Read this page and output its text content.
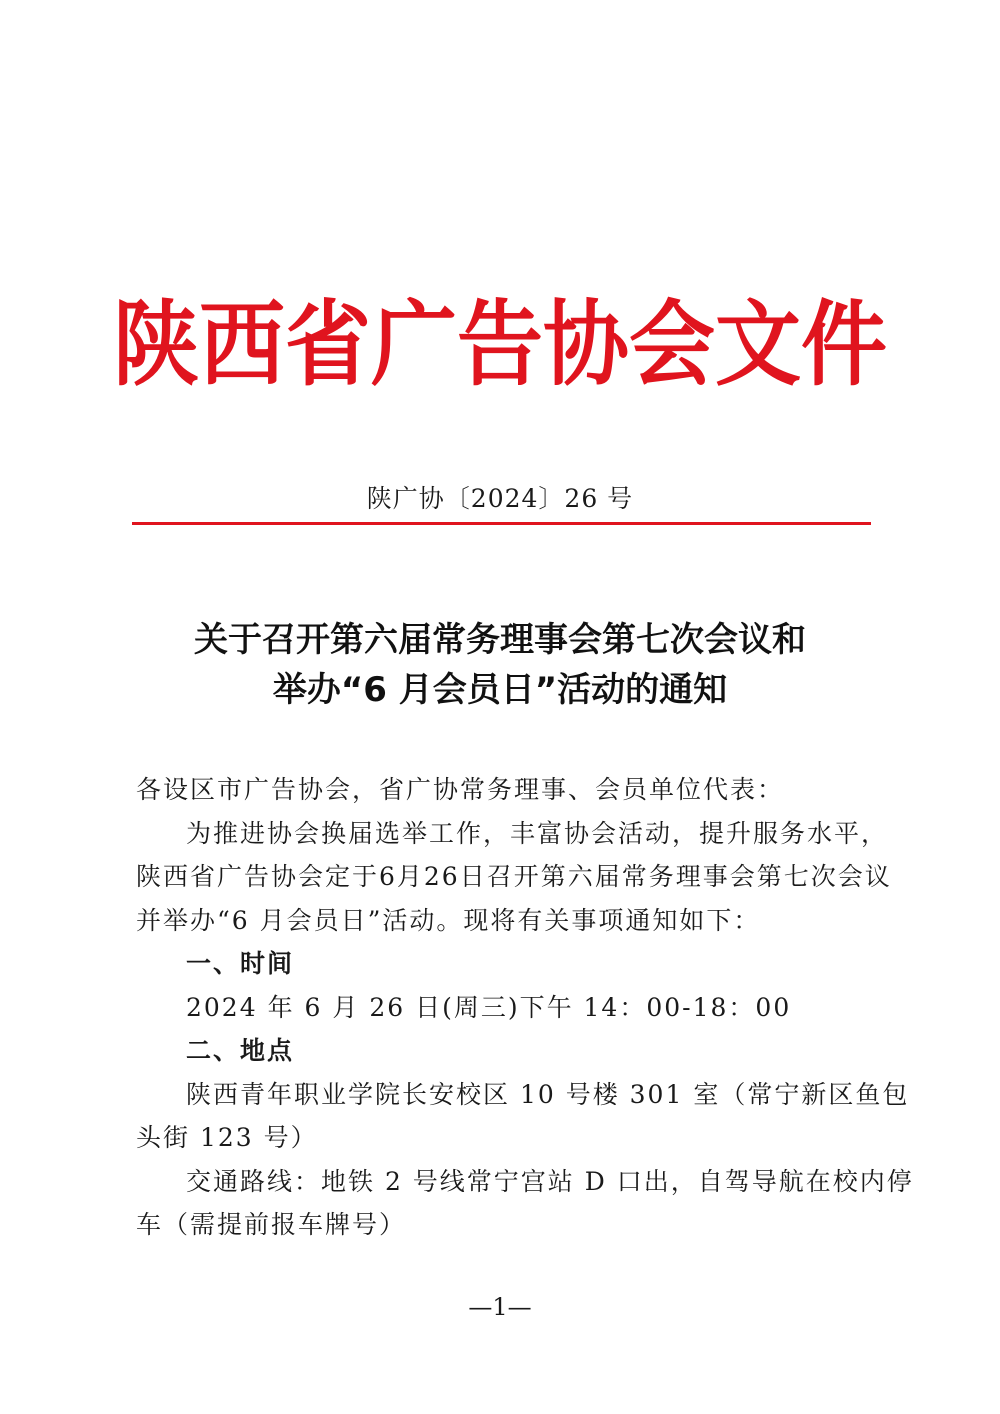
陕西省广告协会文件
陕广协〔2024〕26 号
关于召开第六届常务理事会第七次会议和
举办“6 月会员日”活动的通知

各设区市广告协会，省广协常务理事、会员单位代表：

为推进协会换届选举工作，丰富协会活动，提升服务水平，

陕西省广告协会定于6月26日召开第六届常务理事会第七次会议

并举办“6 月会员日”活动。现将有关事项通知如下：

一、时间

2024 年 6 月 26 日(周三)下午 14：00-18：00

二、地点

陕西青年职业学院长安校区 10 号楼 301 室（常宁新区鱼包

头街 123 号）

交通路线：地铁 2 号线常宁宫站 D 口出，自驾导航在校内停

车（需提前报车牌号）

—1—
